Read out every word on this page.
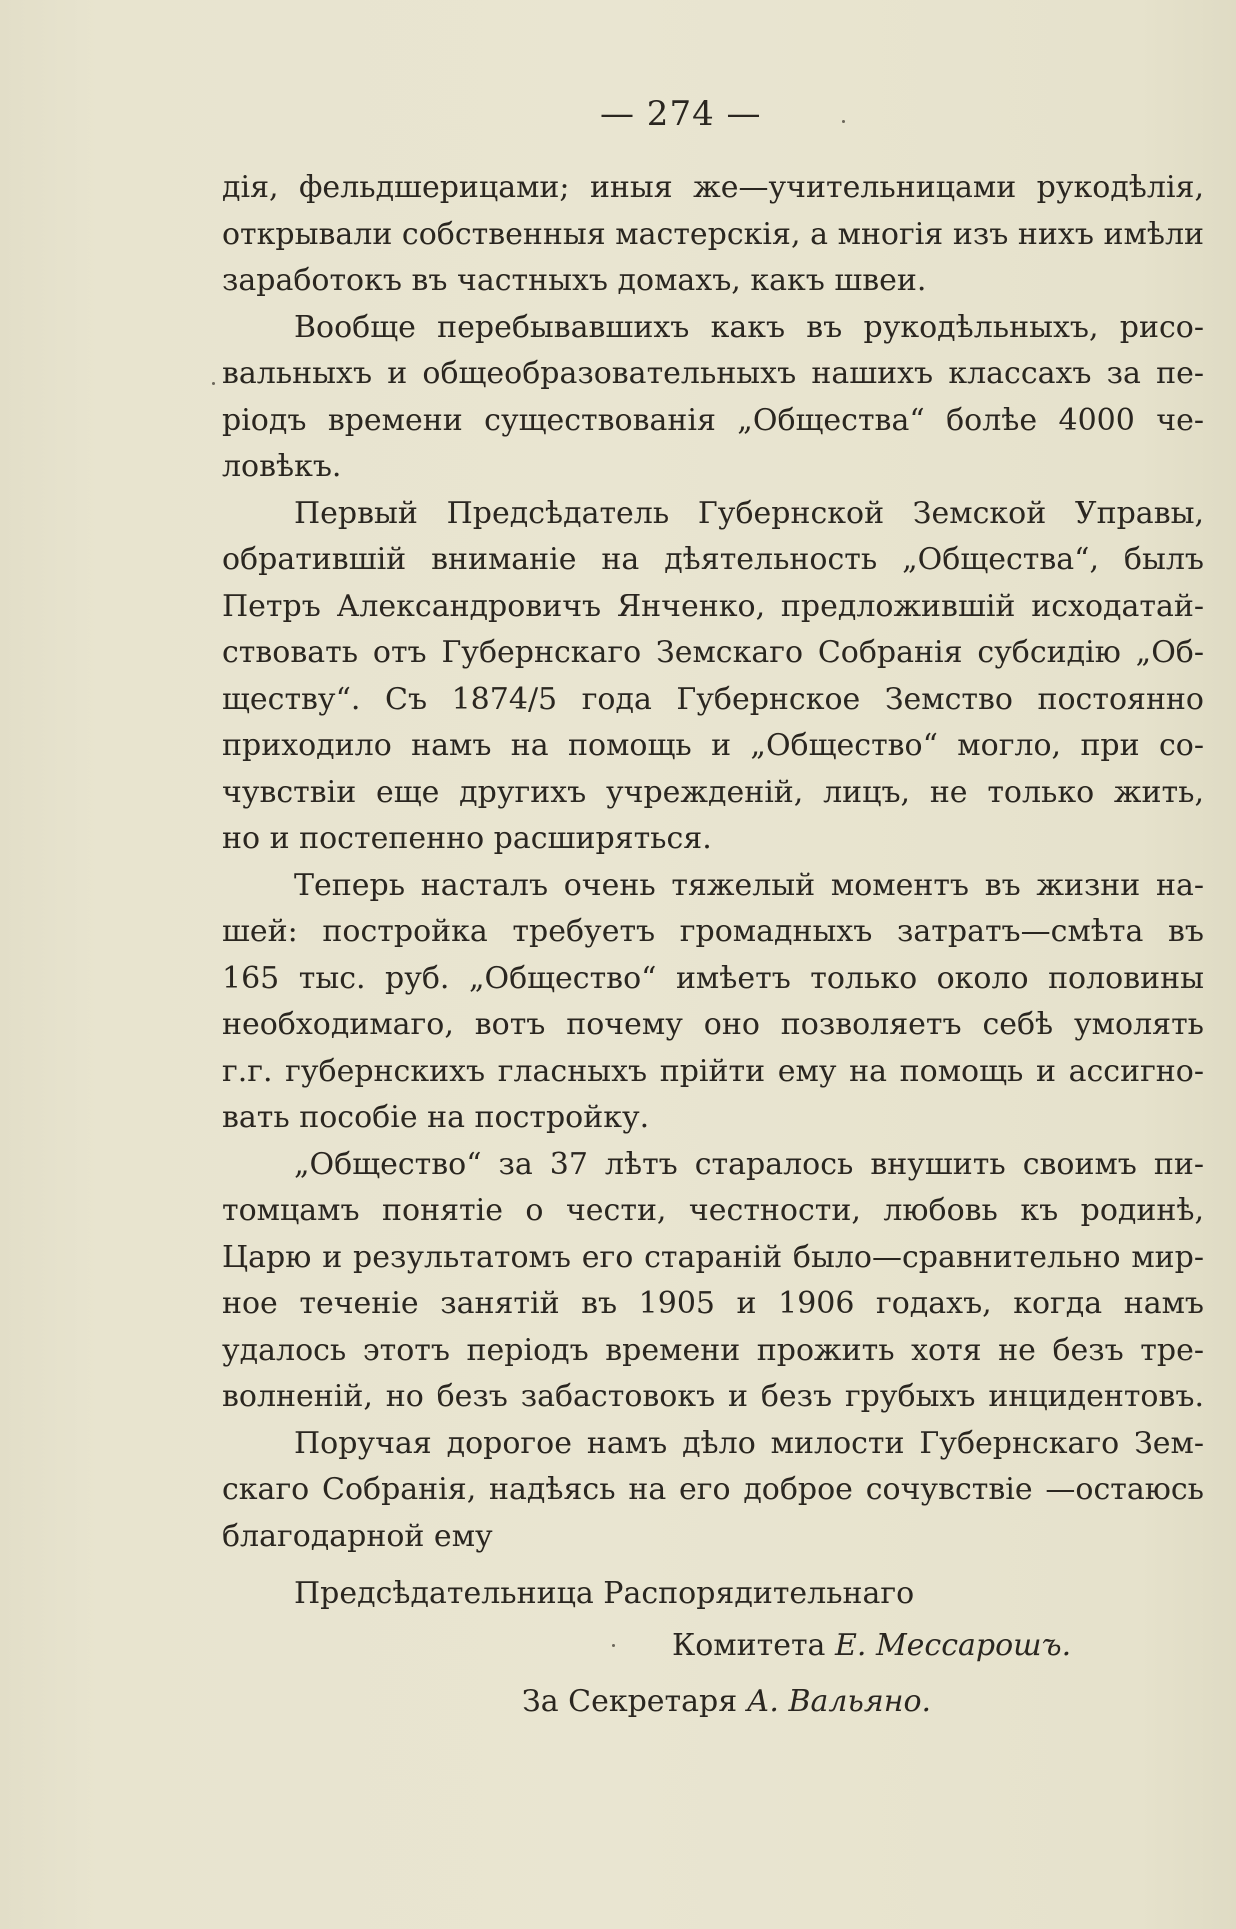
— 274 —

дія, фельдшерицами; иныя же—учительницами рукодѣлія,
открывали собственныя мастерскія, а многія изъ нихъ имѣли
заработокъ въ частныхъ домахъ, какъ швеи.

Вообще перебывавшихъ какъ въ рукодѣльныхъ, рисо-
вальныхъ и общеобразовательныхъ нашихъ классахъ за пе-
ріодъ времени существованія „Общества“ болѣе 4000 че-
ловѣкъ.

Первый Предсѣдатель Губернской Земской Управы,
обратившій вниманіе на дѣятельность „Общества“, былъ
Петръ Александровичъ Янченко, предложившій исходатай-
ствовать отъ Губернскаго Земскаго Собранія субсидію „Об-
ществу“. Съ 1874/5 года Губернское Земство постоянно
приходило намъ на помощь и „Общество“ могло, при со-
чувствіи еще другихъ учрежденій, лицъ, не только жить,
но и постепенно расширяться.

Теперь насталъ очень тяжелый моментъ въ жизни на-
шей: постройка требуетъ громадныхъ затратъ—смѣта въ
165 тыс. руб. „Общество“ имѣетъ только около половины
необходимаго, вотъ почему оно позволяетъ себѣ умолять
г.г. губернскихъ гласныхъ прійти ему на помощь и ассигно-
вать пособіе на постройку.

„Общество“ за 37 лѣтъ старалось внушить своимъ пи-
томцамъ понятіе о чести, честности, любовь къ родинѣ,
Царю и результатомъ его стараній было—сравнительно мир-
ное теченіе занятій въ 1905 и 1906 годахъ, когда намъ
удалось этотъ періодъ времени прожить хотя не безъ тре-
волненій, но безъ забастовокъ и безъ грубыхъ инцидентовъ.

Поручая дорогое намъ дѣло милости Губернскаго Зем-
скаго Собранія, надѣясь на его доброе сочувствіе —остаюсь
благодарной ему

Предсѣдательница Распорядительнаго
Комитета Е. Мессарошъ.
За Секретаря А. Вальяно.
